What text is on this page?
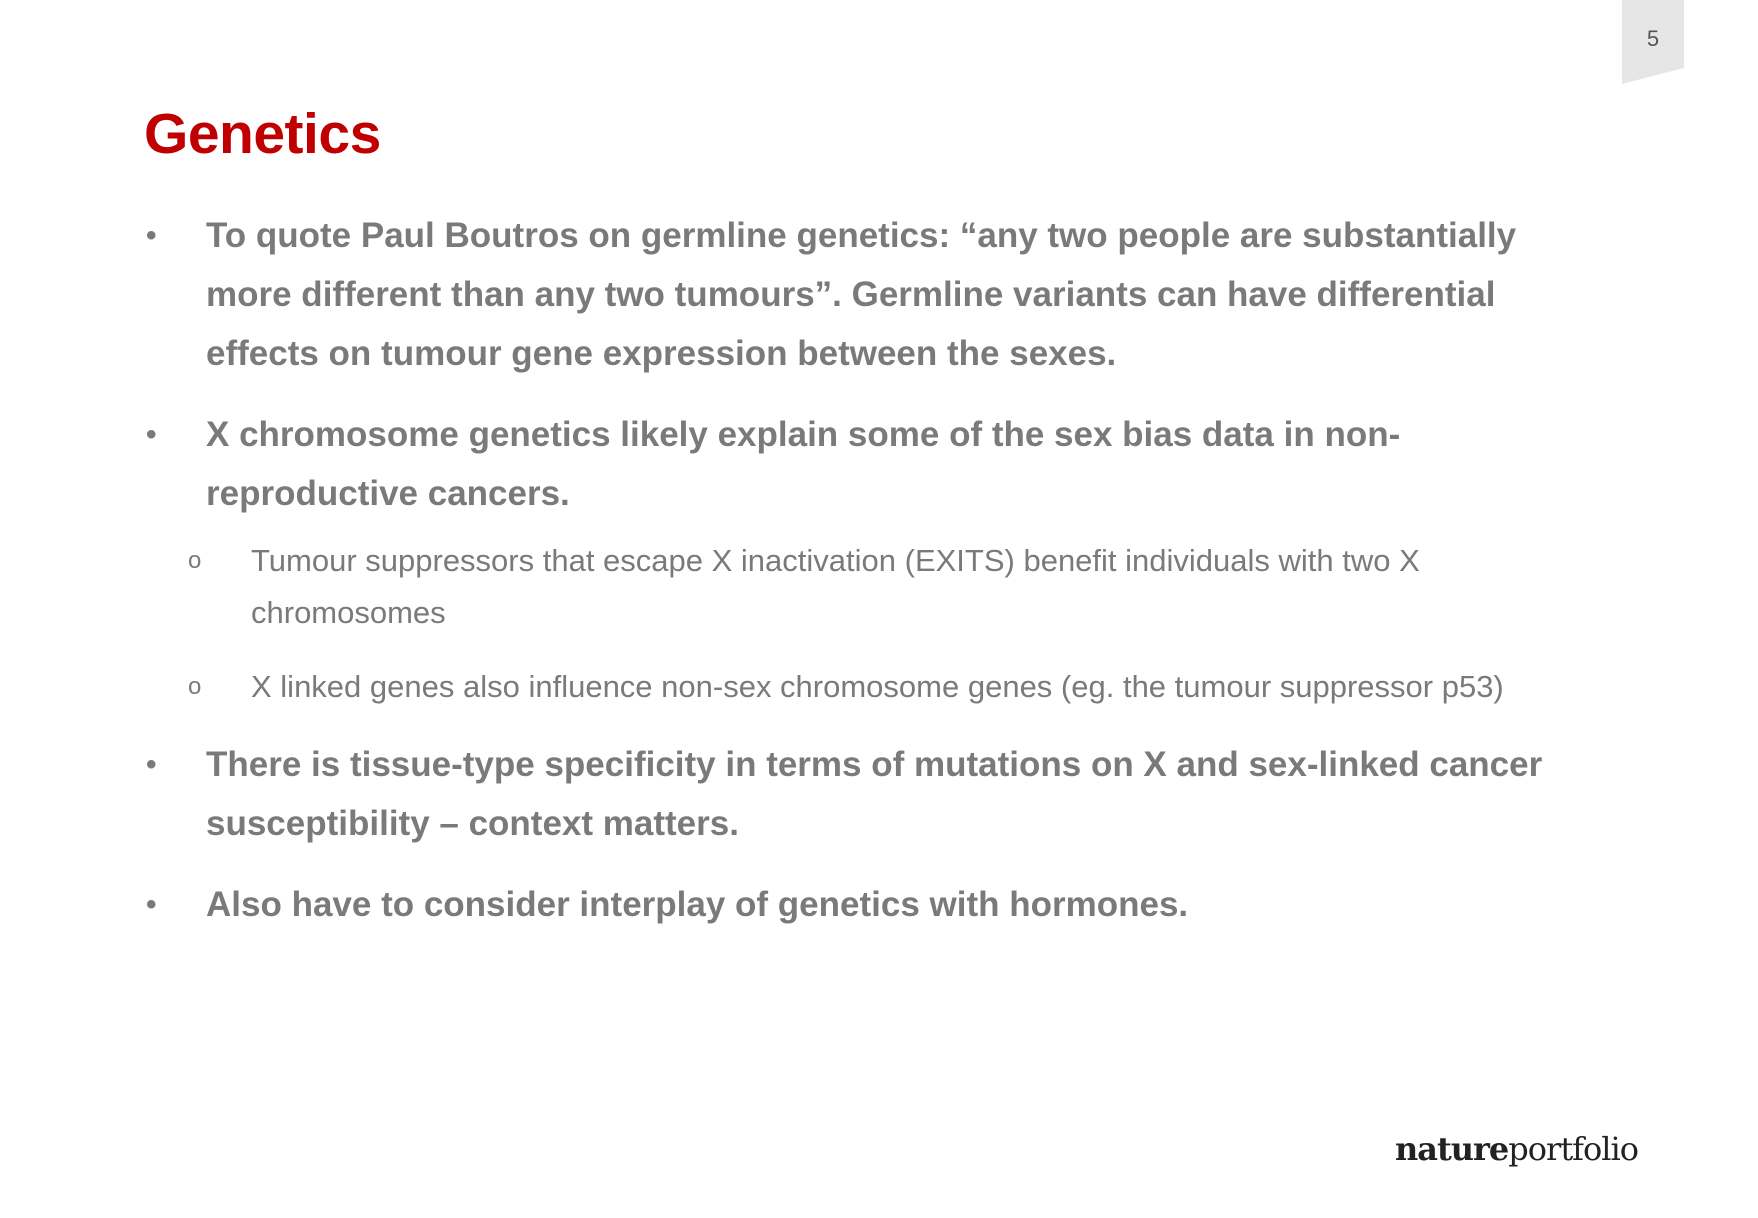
5
Genetics
• To quote Paul Boutros on germline genetics: “any two people are substantially more different than any two tumours”. Germline variants can have differential effects on tumour gene expression between the sexes.
• X chromosome genetics likely explain some of the sex bias data in non-reproductive cancers.
o Tumour suppressors that escape X inactivation (EXITS) benefit individuals with two X chromosomes
o X linked genes also influence non-sex chromosome genes (eg. the tumour suppressor p53)
• There is tissue-type specificity in terms of mutations on X and sex-linked cancer susceptibility – context matters.
• Also have to consider interplay of genetics with hormones.
natureportfolio
